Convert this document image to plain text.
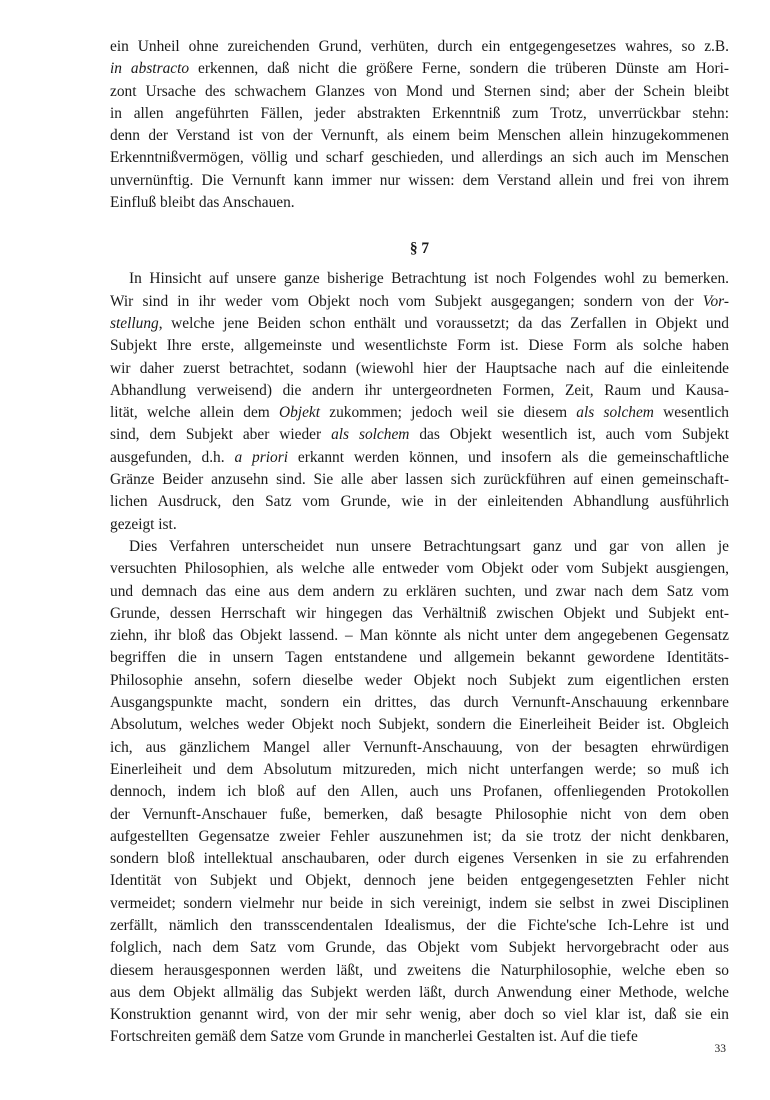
ein Unheil ohne zureichenden Grund, verhüten, durch ein entgegengesetzes wahres, so z.B.
in abstracto erkennen, daß nicht die größere Ferne, sondern die trüberen Dünste am Hori-
zont Ursache des schwachem Glanzes von Mond und Sternen sind; aber der Schein bleibt
in allen angeführten Fällen, jeder abstrakten Erkenntniß zum Trotz, unverrückbar stehn:
denn der Verstand ist von der Vernunft, als einem beim Menschen allein hinzugekommenen
Erkenntnißvermögen, völlig und scharf geschieden, und allerdings an sich auch im Menschen
unvernünftig. Die Vernunft kann immer nur wissen: dem Verstand allein und frei von ihrem
Einfluß bleibt das Anschauen.
§ 7
In Hinsicht auf unsere ganze bisherige Betrachtung ist noch Folgendes wohl zu bemerken.
Wir sind in ihr weder vom Objekt noch vom Subjekt ausgegangen; sondern von der Vor-
stellung, welche jene Beiden schon enthält und voraussetzt; da das Zerfallen in Objekt und
Subjekt Ihre erste, allgemeinste und wesentlichste Form ist. Diese Form als solche haben
wir daher zuerst betrachtet, sodann (wiewohl hier der Hauptsache nach auf die einleitende
Abhandlung verweisend) die andern ihr untergeordneten Formen, Zeit, Raum und Kausa-
lität, welche allein dem Objekt zukommen; jedoch weil sie diesem als solchem wesentlich
sind, dem Subjekt aber wieder als solchem das Objekt wesentlich ist, auch vom Subjekt
ausgefunden, d.h. a priori erkannt werden können, und insofern als die gemeinschaftliche
Gränze Beider anzusehn sind. Sie alle aber lassen sich zurückführen auf einen gemeinschaft-
lichen Ausdruck, den Satz vom Grunde, wie in der einleitenden Abhandlung ausführlich
gezeigt ist.
Dies Verfahren unterscheidet nun unsere Betrachtungsart ganz und gar von allen je
versuchten Philosophien, als welche alle entweder vom Objekt oder vom Subjekt ausgiengen,
und demnach das eine aus dem andern zu erklären suchten, und zwar nach dem Satz vom
Grunde, dessen Herrschaft wir hingegen das Verhältniß zwischen Objekt und Subjekt ent-
ziehn, ihr bloß das Objekt lassend. – Man könnte als nicht unter dem angegebenen Gegensatz
begriffen die in unsern Tagen entstandene und allgemein bekannt gewordene Identitäts-
Philosophie ansehn, sofern dieselbe weder Objekt noch Subjekt zum eigentlichen ersten
Ausgangspunkte macht, sondern ein drittes, das durch Vernunft-Anschauung erkennbare
Absolutum, welches weder Objekt noch Subjekt, sondern die Einerleiheit Beider ist. Obgleich
ich, aus gänzlichem Mangel aller Vernunft-Anschauung, von der besagten ehrwürdigen
Einerleiheit und dem Absolutum mitzureden, mich nicht unterfangen werde; so muß ich
dennoch, indem ich bloß auf den Allen, auch uns Profanen, offenliegenden Protokollen
der Vernunft-Anschauer fuße, bemerken, daß besagte Philosophie nicht von dem oben
aufgestellten Gegensatze zweier Fehler auszunehmen ist; da sie trotz der nicht denkbaren,
sondern bloß intellektual anschaubaren, oder durch eigenes Versenken in sie zu erfahrenden
Identität von Subjekt und Objekt, dennoch jene beiden entgegengesetzten Fehler nicht
vermeidet; sondern vielmehr nur beide in sich vereinigt, indem sie selbst in zwei Disciplinen
zerfällt, nämlich den transscendentalen Idealismus, der die Fichte'sche Ich-Lehre ist und
folglich, nach dem Satz vom Grunde, das Objekt vom Subjekt hervorgebracht oder aus
diesem herausgesponnen werden läßt, und zweitens die Naturphilosophie, welche eben so
aus dem Objekt allmälig das Subjekt werden läßt, durch Anwendung einer Methode, welche
Konstruktion genannt wird, von der mir sehr wenig, aber doch so viel klar ist, daß sie ein
Fortschreiten gemäß dem Satze vom Grunde in mancherlei Gestalten ist. Auf die tiefe
33
